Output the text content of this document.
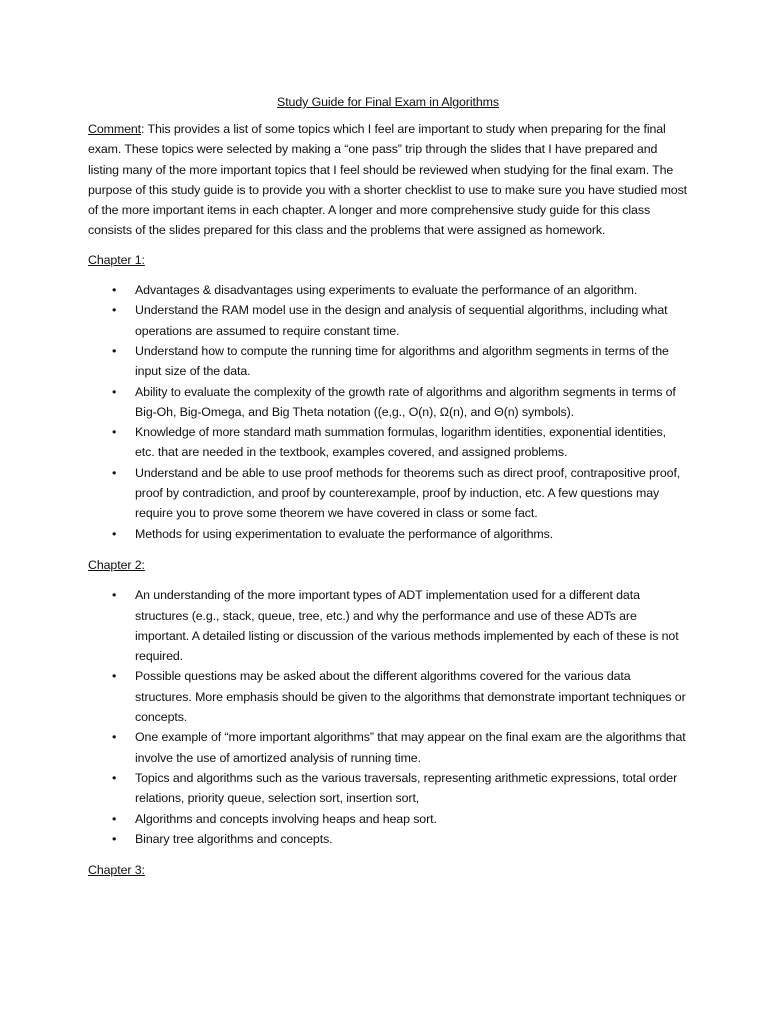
Study Guide for Final Exam in Algorithms

Comment: This provides a list of some topics which I feel are important to study when preparing for the final exam. These topics were selected by making a “one pass” trip through the slides that I have prepared and listing many of the more important topics that I feel should be reviewed when studying for the final exam. The purpose of this study guide is to provide you with a shorter checklist to use to make sure you have studied most of the more important items in each chapter. A longer and more comprehensive study guide for this class consists of the slides prepared for this class and the problems that were assigned as homework.

Chapter 1:
• Advantages & disadvantages using experiments to evaluate the performance of an algorithm.
• Understand the RAM model use in the design and analysis of sequential algorithms, including what operations are assumed to require constant time.
• Understand how to compute the running time for algorithms and algorithm segments in terms of the input size of the data.
• Ability to evaluate the complexity of the growth rate of algorithms and algorithm segments in terms of Big-Oh, Big-Omega, and Big Theta notation ((e,g., O(n), Ω(n), and Θ(n) symbols).
• Knowledge of more standard math summation formulas, logarithm identities, exponential identities, etc. that are needed in the textbook, examples covered, and assigned problems.
• Understand and be able to use proof methods for theorems such as direct proof, contrapositive proof, proof by contradiction, and proof by counterexample, proof by induction, etc. A few questions may require you to prove some theorem we have covered in class or some fact.
• Methods for using experimentation to evaluate the performance of algorithms.
Chapter 2:
• An understanding of the more important types of ADT implementation used for a different data structures (e.g., stack, queue, tree, etc.) and why the performance and use of these ADTs are important. A detailed listing or discussion of the various methods implemented by each of these is not required.
• Possible questions may be asked about the different algorithms covered for the various data structures. More emphasis should be given to the algorithms that demonstrate important techniques or concepts.
• One example of “more important algorithms” that may appear on the final exam are the algorithms that involve the use of amortized analysis of running time.
• Topics and algorithms such as the various traversals, representing arithmetic expressions, total order relations, priority queue, selection sort, insertion sort,
• Algorithms and concepts involving heaps and heap sort.
• Binary tree algorithms and concepts.
Chapter 3:
